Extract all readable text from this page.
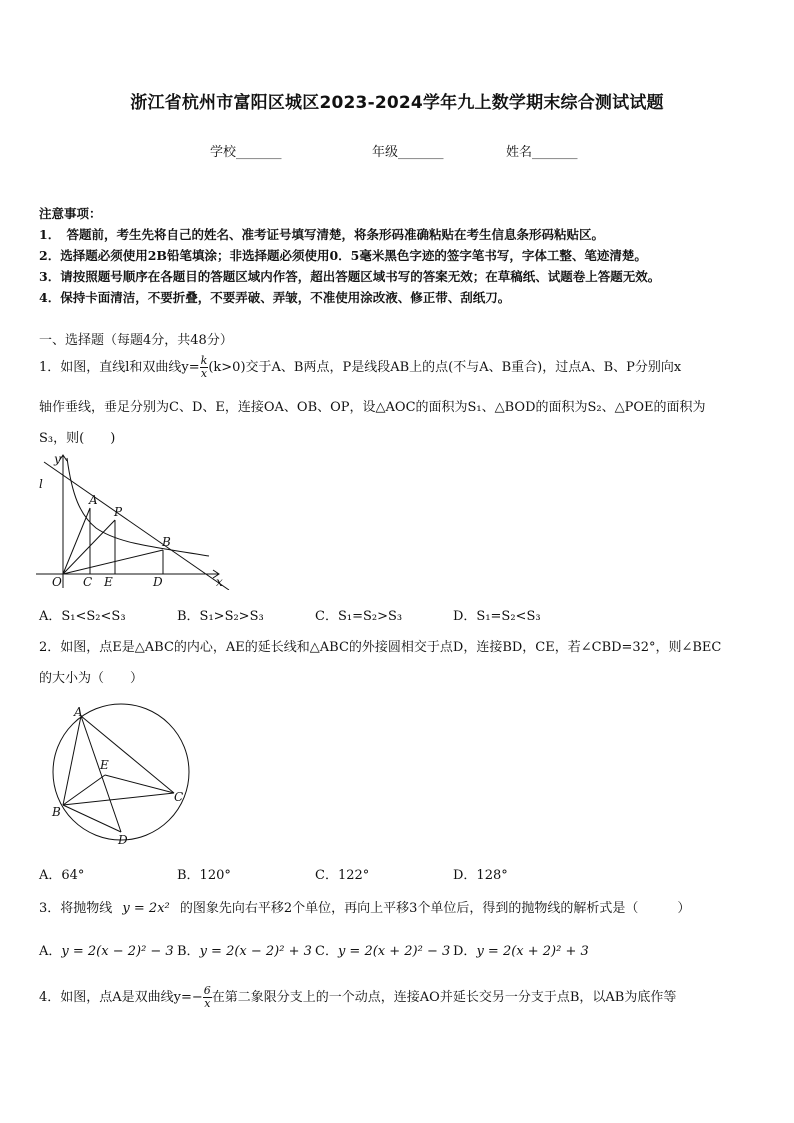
浙江省杭州市富阳区城区2023-2024学年九上数学期末综合测试试题
学校_______	年级_______	姓名_______
注意事项：
1．　答题前，考生先将自己的姓名、准考证号填写清楚，将条形码准确粘贴在考生信息条形码粘贴区。
2．选择题必须使用2B铅笔填涂；非选择题必须使用0．5毫米黑色字迹的签字笔书写，字体工整、笔迹清楚。
3．请按照题号顺序在各题目的答题区域内作答，超出答题区域书写的答案无效；在草稿纸、试题卷上答题无效。
4．保持卡面清洁，不要折叠，不要弄破、弄皱，不准使用涂改液、修正带、刮纸刀。
一、选择题（每题4分，共48分）
1．如图，直线l和双曲线$y= \frac{k}{x} (k>0)$交于A、B两点，P是线段AB上的点(不与A、B重合)，过点A、B、P分别向x
轴作垂线，垂足分别为C、D、E，连接OA、OB、OP，设△AOC的面积为S₁、△BOD的面积为S₂、△POE的面积为
S₃，则(　　)
y
l
A
P
B
O C E	D	x
A．S₁<S₂<S₃	B．S₁>S₂>S₃	C．S₁=S₂>S₃	D．S₁=S₂<S₃
2．如图，点E是△ABC的内心，AE的延长线和△ABC的外接圆相交于点D，连接BD，CE，若∠CBD=32°，则∠BEC
的大小为（　　）
A
E
B
C
D
A．64°	B．120°	C．122°	D．128°
3．将抛物线 y = 2x² 的图象先向右平移2个单位，再向上平移3个单位后，得到的抛物线的解析式是（　　　）
A．y = 2(x − 2)² − 3 B．y = 2(x − 2)² + 3 C．y = 2(x + 2)² − 3 D．y = 2(x + 2)² + 3
4．如图，点A是双曲线$y=- \frac{6}{x}$ 在第二象限分支上的一个动点，连接AO并延长交另一分支于点B，以AB为底作等
